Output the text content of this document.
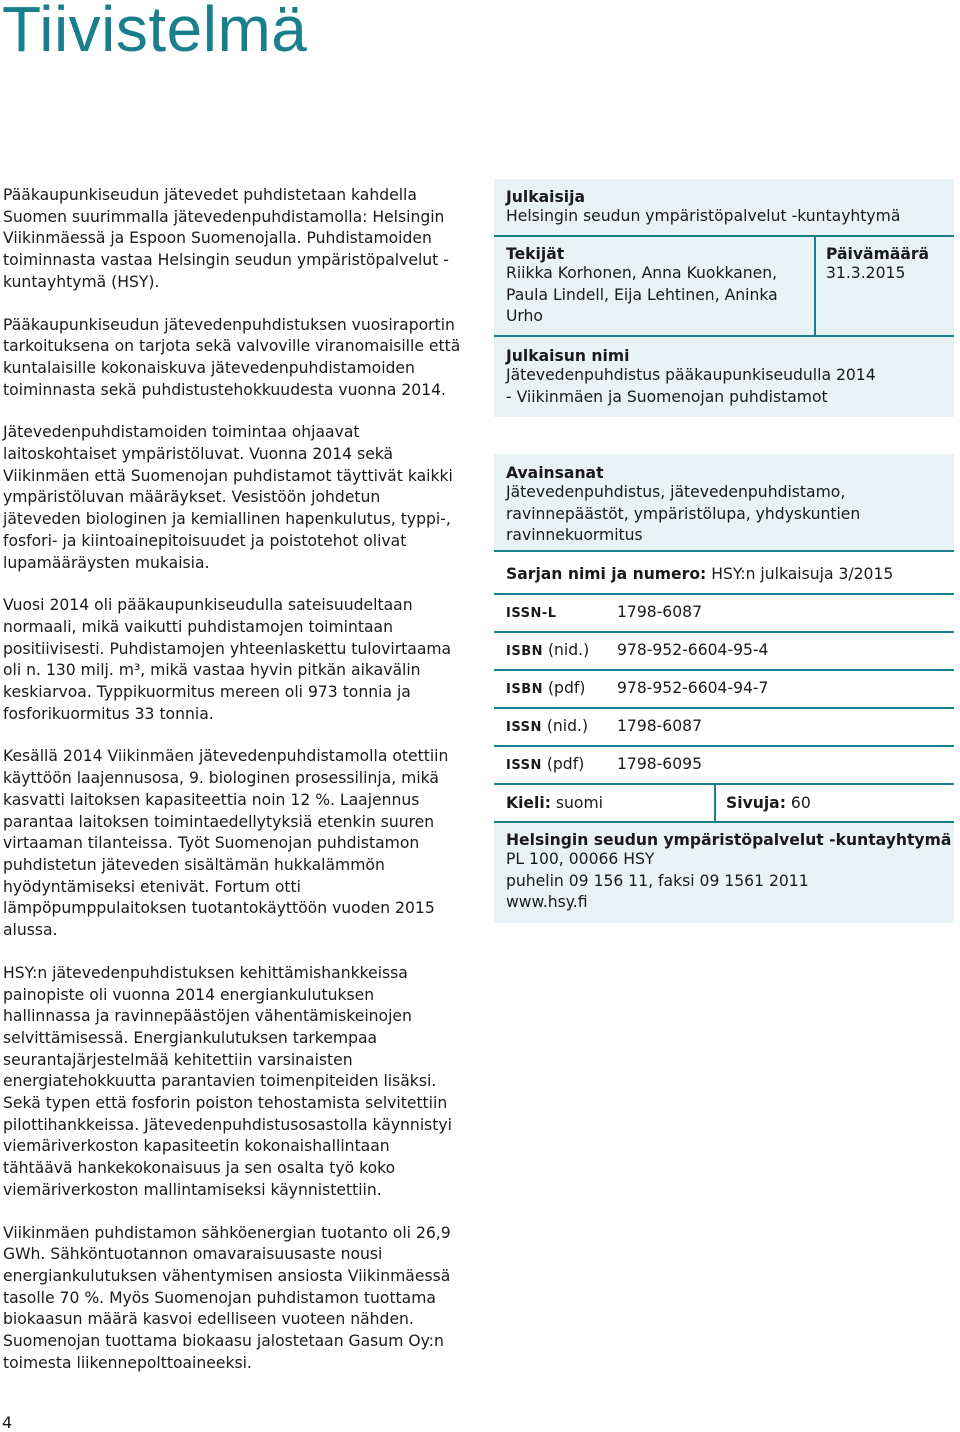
Tiivistelmä

Pääkaupunkiseudun jätevedet puhdistetaan kahdella Suomen suurimmalla jätevedenpuhdistamolla: Helsingin Viikinmäessä ja Espoon Suomenojalla. Puhdistamoiden toiminnasta vastaa Helsingin seudun ympäristöpalvelut -kuntayhtymä (HSY).

Pääkaupunkiseudun jätevedenpuhdistuksen vuosiraportin tarkoituksena on tarjota sekä valvoville viranomaisille että kuntalaisille kokonaiskuva jätevedenpuhdistamoiden toiminnasta sekä puhdistustehokkuudesta vuonna 2014.

Jätevedenpuhdistamoiden toimintaa ohjaavat laitoskohtaiset ympäristöluvat. Vuonna 2014 sekä Viikinmäen että Suomenojan puhdistamot täyttivät kaikki ympäristöluvan määräykset. Vesistöön johdetun jäteveden biologinen ja kemiallinen hapenkulutus, typpi-, fosfori- ja kiintoainepitoisuudet ja poistotehot olivat lupamääräysten mukaisia.

Vuosi 2014 oli pääkaupunkiseudulla sateisuudeltaan normaali, mikä vaikutti puhdistamojen toimintaan positiivisesti. Puhdistamojen yhteenlaskettu tulovirtaama oli n. 130 milj. m³, mikä vastaa hyvin pitkän aikavälin keskiarvoa. Typpikuormitus mereen oli 973 tonnia ja fosforikuormitus 33 tonnia.

Kesällä 2014 Viikinmäen jätevedenpuhdistamolla otettiin käyttöön laajennusosa, 9. biologinen prosessilinja, mikä kasvatti laitoksen kapasiteettia noin 12 %. Laajennus parantaa laitoksen toimintaedellytyksiä etenkin suuren virtaaman tilanteissa. Työt Suomenojan puhdistamon puhdistetun jäteveden sisältämän hukkalämmön hyödyntämiseksi etenivät. Fortum otti lämpöpumppulaitoksen tuotantokäyttöön vuoden 2015 alussa.

HSY:n jätevedenpuhdistuksen kehittämishankkeissa painopiste oli vuonna 2014 energiankulutuksen hallinnassa ja ravinnepäästöjen vähentämiskeinojen selvittämisessä. Energiankulutuksen tarkempaa seurantajärjestelmää kehitettiin varsinaisten energiatehokkuutta parantavien toimenpiteiden lisäksi. Sekä typen että fosforin poiston tehostamista selvitettiin pilottihankkeissa. Jätevedenpuhdistusosastolla käynnistyi viemäriverkoston kapasiteetin kokonaishallintaan tähtäävä hankekokonaisuus ja sen osalta työ koko viemäriverkoston mallintamiseksi käynnistettiin.

Viikinmäen puhdistamon sähköenergian tuotanto oli 26,9 GWh. Sähköntuotannon omavaraisuusaste nousi energiankulutuksen vähentymisen ansiosta Viikinmäessä tasolle 70 %. Myös Suomenojan puhdistamon tuottama biokaasun määrä kasvoi edelliseen vuoteen nähden. Suomenojan tuottama biokaasu jalostetaan Gasum Oy:n toimesta liikennepolttoaineeksi.

Julkaisija
Helsingin seudun ympäristöpalvelut -kuntayhtymä
Tekijät
Riikka Korhonen, Anna Kuokkanen, Paula Lindell, Eija Lehtinen, Aninka Urho
Päivämäärä
31.3.2015
Julkaisun nimi
Jätevedenpuhdistus pääkaupunkiseudulla 2014
- Viikinmäen ja Suomenojan puhdistamot
Avainsanat
Jätevedenpuhdistus, jätevedenpuhdistamo, ravinnepäästöt, ympäristölupa, yhdyskuntien ravinnekuormitus
Sarjan nimi ja numero: HSY:n julkaisuja 3/2015
ISSN-L	1798-6087
ISBN (nid.) 978-952-6604-95-4
ISBN (pdf) 978-952-6604-94-7
ISSN (nid.) 1798-6087
ISSN (pdf) 1798-6095
Kieli: suomi	Sivuja: 60
Helsingin seudun ympäristöpalvelut -kuntayhtymä
PL 100, 00066 HSY
puhelin 09 156 11, faksi 09 1561 2011
www.hsy.fi
4
